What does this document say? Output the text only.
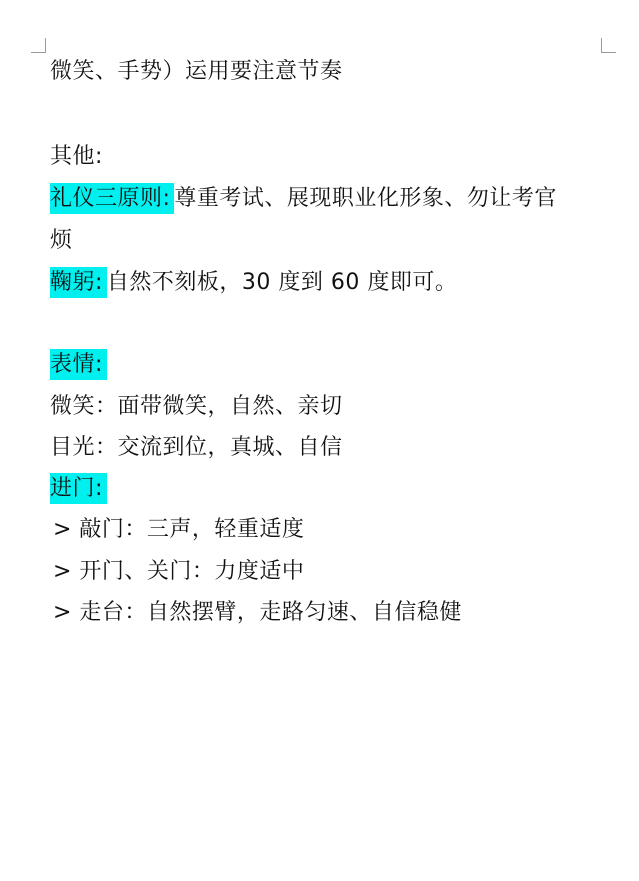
微笑、手势）运用要注意节奏

其他:

礼仪三原则: 尊重考试、展现职业化形象、勿让考官

烦

鞠躬: 自然不刻板，30 度到 60 度即可。

表情:

微笑：面带微笑，自然、亲切

目光：交流到位，真城、自信

进门:

> 敲门：三声，轻重适度

> 开门、关门：力度适中

> 走台：自然摆臂，走路匀速、自信稳健
